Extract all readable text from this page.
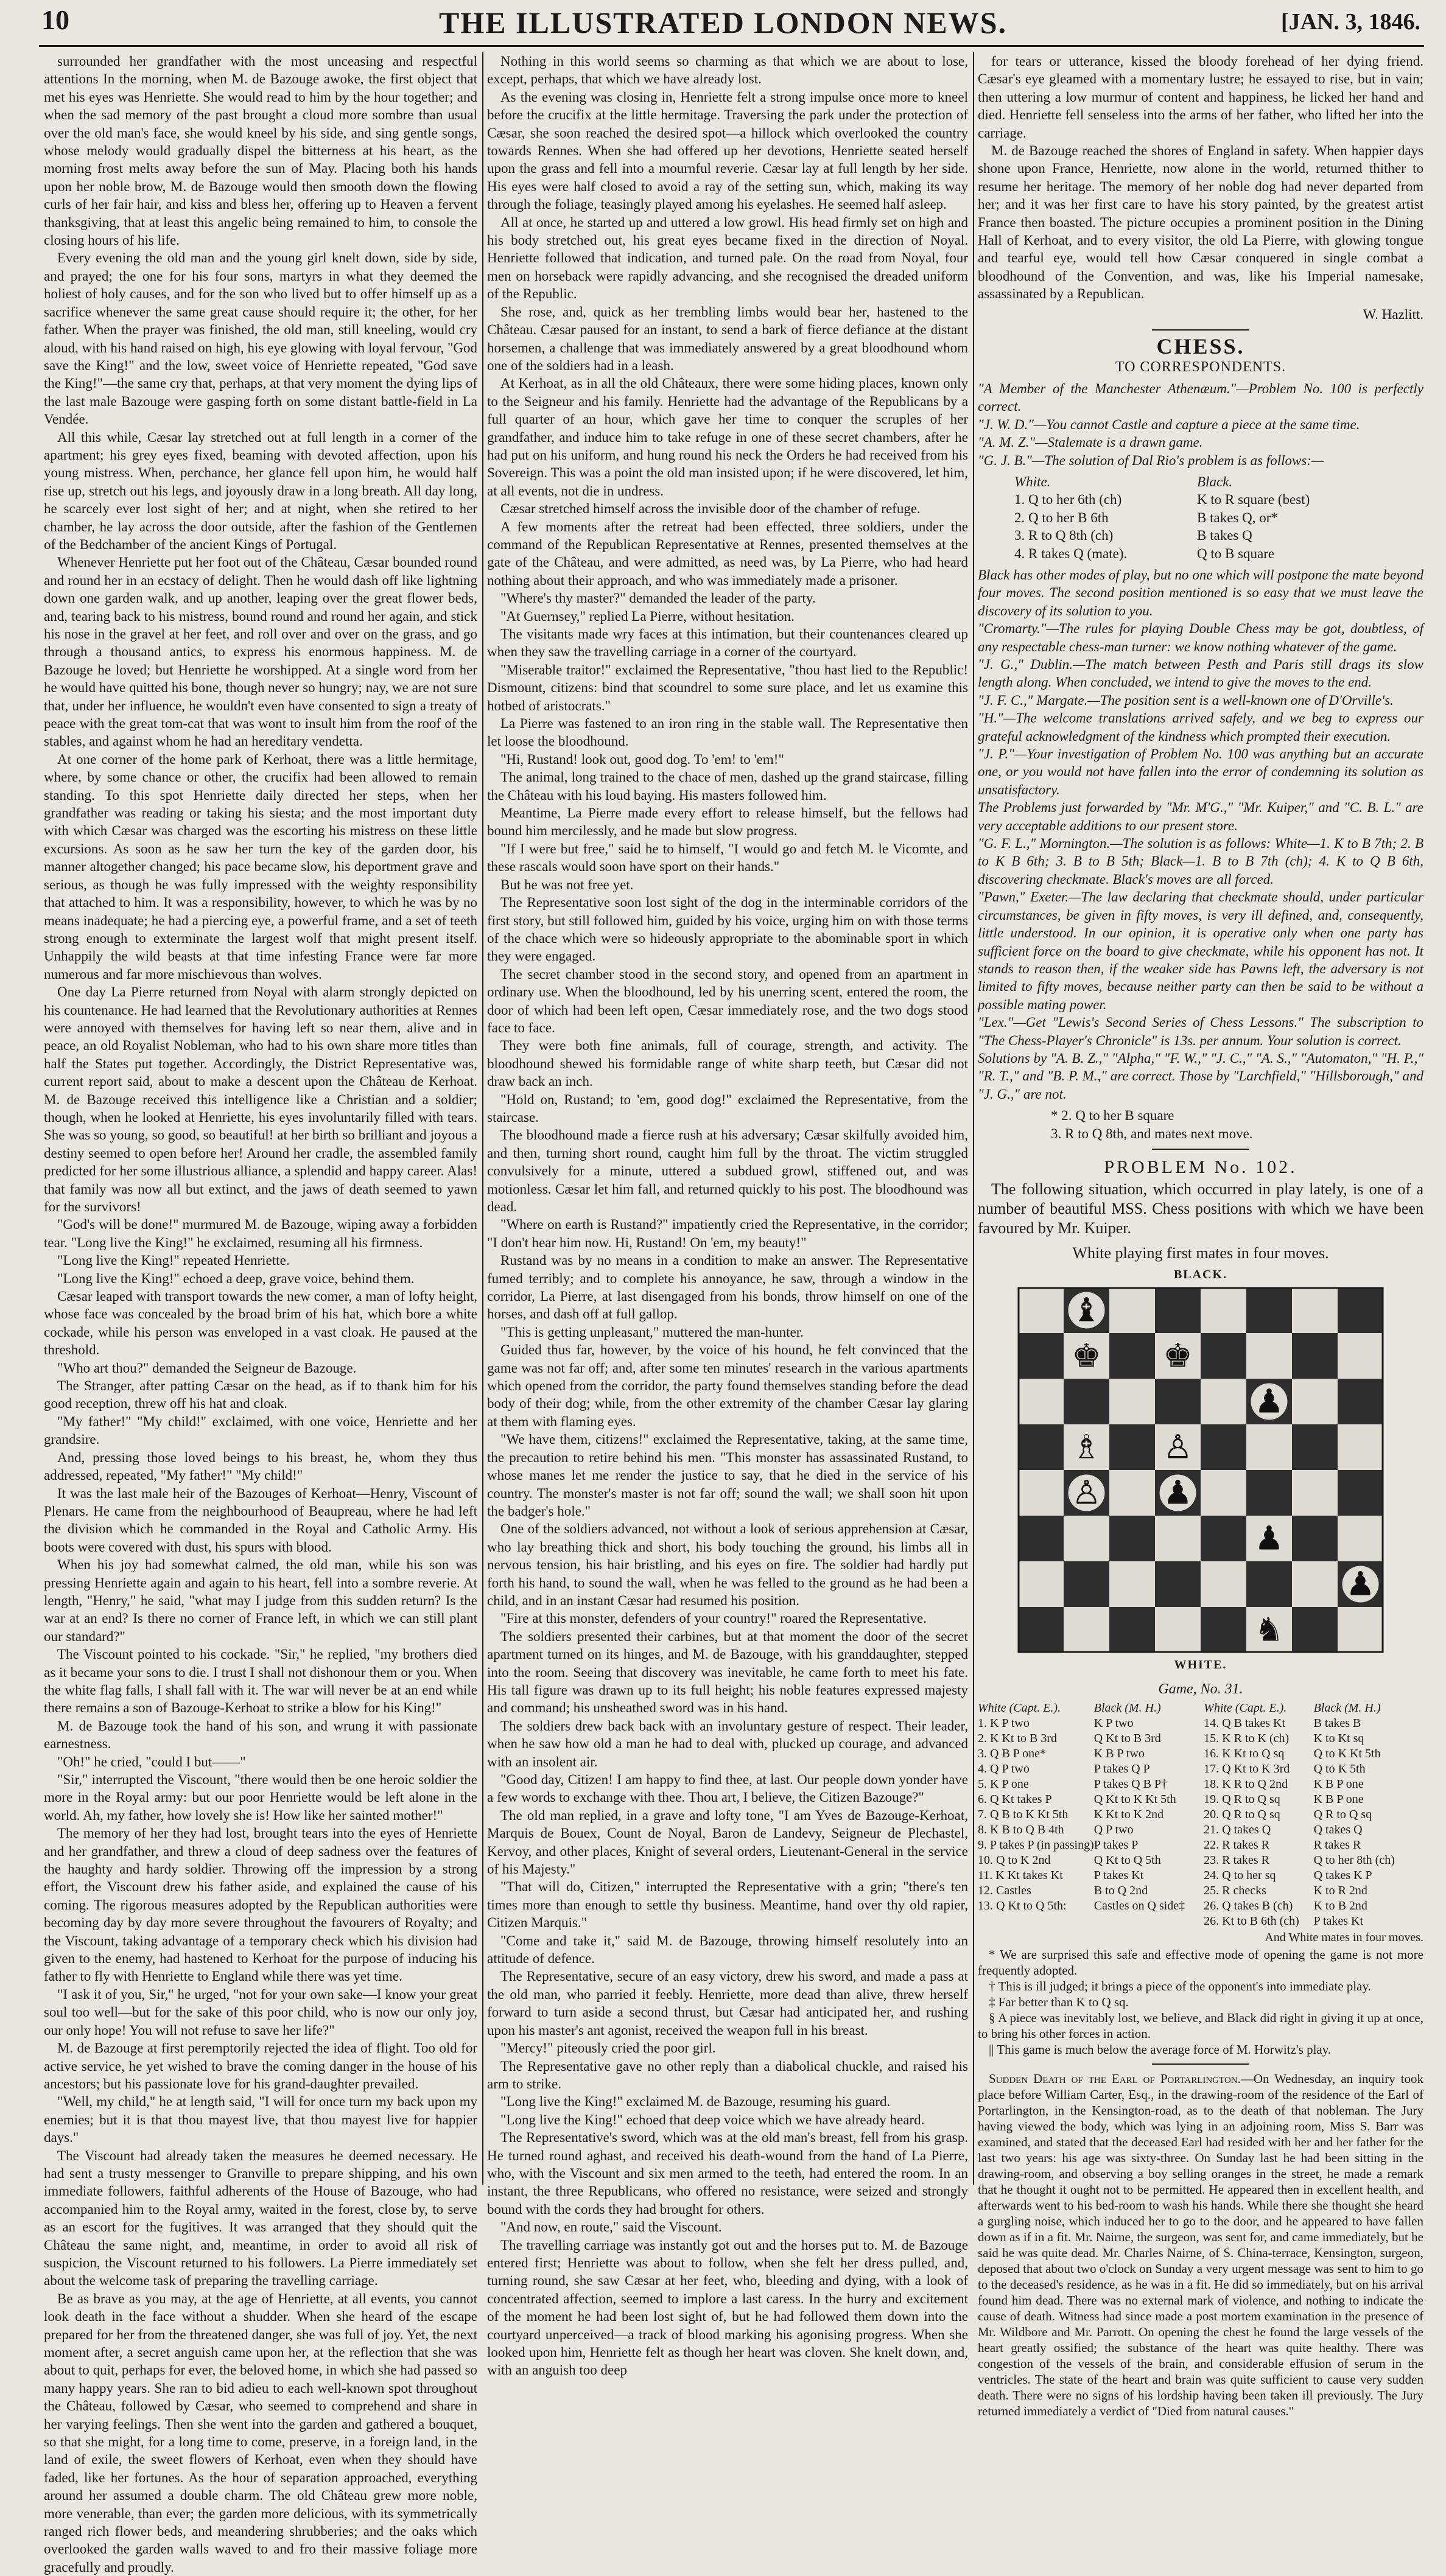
10	THE ILLUSTRATED LONDON NEWS.	[JAN. 3, 1846.

surrounded her grandfather with the most unceasing and respectful attentions In the morning, when M. de Bazouge awoke, the first object that met his eyes was Henriette. She would read to him by the hour together; and when the sad memory of the past brought a cloud more sombre than usual over the old man's face, she would kneel by his side, and sing gentle songs, whose melody would gradually dispel the bitterness at his heart, as the morning frost melts away before the sun of May. Placing both his hands upon her noble brow, M. de Bazouge would then smooth down the flowing curls of her fair hair, and kiss and bless her, offering up to Heaven a fervent thanksgiving, that at least this angelic being remained to him, to console the closing hours of his life.

Every evening the old man and the young girl knelt down, side by side, and prayed; the one for his four sons, martyrs in what they deemed the holiest of holy causes, and for the son who lived but to offer himself up as a sacrifice whenever the same great cause should require it; the other, for her father. When the prayer was finished, the old man, still kneeling, would cry aloud, with his hand raised on high, his eye glowing with loyal fervour, "God save the King!" and the low, sweet voice of Henriette repeated, "God save the King!"—the same cry that, perhaps, at that very moment the dying lips of the last male Bazouge were gasping forth on some distant battle-field in La Vendée.

All this while, Cæsar lay stretched out at full length in a corner of the apartment; his grey eyes fixed, beaming with devoted affection, upon his young mistress. When, perchance, her glance fell upon him, he would half rise up, stretch out his legs, and joyously draw in a long breath. All day long, he scarcely ever lost sight of her; and at night, when she retired to her chamber, he lay across the door outside, after the fashion of the Gentlemen of the Bedchamber of the ancient Kings of Portugal.

Whenever Henriette put her foot out of the Château, Cæsar bounded round and round her in an ecstacy of delight. Then he would dash off like lightning down one garden walk, and up another, leaping over the great flower beds, and, tearing back to his mistress, bound round and round her again, and stick his nose in the gravel at her feet, and roll over and over on the grass, and go through a thousand antics, to express his enormous happiness. M. de Bazouge he loved; but Henriette he worshipped. At a single word from her he would have quitted his bone, though never so hungry; nay, we are not sure that, under her influence, he wouldn't even have consented to sign a treaty of peace with the great tom-cat that was wont to insult him from the roof of the stables, and against whom he had an hereditary vendetta.

At one corner of the home park of Kerhoat, there was a little hermitage, where, by some chance or other, the crucifix had been allowed to remain standing. To this spot Henriette daily directed her steps, when her grandfather was reading or taking his siesta; and the most important duty with which Cæsar was charged was the escorting his mistress on these little excursions. As soon as he saw her turn the key of the garden door, his manner altogether changed; his pace became slow, his deportment grave and serious, as though he was fully impressed with the weighty responsibility that attached to him. It was a responsibility, however, to which he was by no means inadequate; he had a piercing eye, a powerful frame, and a set of teeth strong enough to exterminate the largest wolf that might present itself. Unhappily the wild beasts at that time infesting France were far more numerous and far more mischievous than wolves.

One day La Pierre returned from Noyal with alarm strongly depicted on his countenance. He had learned that the Revolutionary authorities at Rennes were annoyed with themselves for having left so near them, alive and in peace, an old Royalist Nobleman, who had to his own share more titles than half the States put together. Accordingly, the District Representative was, current report said, about to make a descent upon the Château de Kerhoat. M. de Bazouge received this intelligence like a Christian and a soldier; though, when he looked at Henriette, his eyes involuntarily filled with tears. She was so young, so good, so beautiful! at her birth so brilliant and joyous a destiny seemed to open before her! Around her cradle, the assembled family predicted for her some illustrious alliance, a splendid and happy career. Alas! that family was now all but extinct, and the jaws of death seemed to yawn for the survivors!

"God's will be done!" murmured M. de Bazouge, wiping away a forbidden tear. "Long live the King!" he exclaimed, resuming all his firmness.

"Long live the King!" repeated Henriette.

"Long live the King!" echoed a deep, grave voice, behind them.

Cæsar leaped with transport towards the new comer, a man of lofty height, whose face was concealed by the broad brim of his hat, which bore a white cockade, while his person was enveloped in a vast cloak. He paused at the threshold.

"Who art thou?" demanded the Seigneur de Bazouge.

The Stranger, after patting Cæsar on the head, as if to thank him for his good reception, threw off his hat and cloak.

"My father!" "My child!" exclaimed, with one voice, Henriette and her grandsire.

And, pressing those loved beings to his breast, he, whom they thus addressed, repeated, "My father!" "My child!"

It was the last male heir of the Bazouges of Kerhoat—Henry, Viscount of Plenars. He came from the neighbourhood of Beaupreau, where he had left the division which he commanded in the Royal and Catholic Army. His boots were covered with dust, his spurs with blood.

When his joy had somewhat calmed, the old man, while his son was pressing Henriette again and again to his heart, fell into a sombre reverie. At length, "Henry," he said, "what may I judge from this sudden return? Is the war at an end? Is there no corner of France left, in which we can still plant our standard?"

The Viscount pointed to his cockade. "Sir," he replied, "my brothers died as it became your sons to die. I trust I shall not dishonour them or you. When the white flag falls, I shall fall with it. The war will never be at an end while there remains a son of Bazouge-Kerhoat to strike a blow for his King!"

M. de Bazouge took the hand of his son, and wrung it with passionate earnestness.

"Oh!" he cried, "could I but——"

"Sir," interrupted the Viscount, "there would then be one heroic soldier the more in the Royal army: but our poor Henriette would be left alone in the world. Ah, my father, how lovely she is! How like her sainted mother!"

The memory of her they had lost, brought tears into the eyes of Henriette and her grandfather, and threw a cloud of deep sadness over the features of the haughty and hardy soldier. Throwing off the impression by a strong effort, the Viscount drew his father aside, and explained the cause of his coming. The rigorous measures adopted by the Republican authorities were becoming day by day more severe throughout the favourers of Royalty; and the Viscount, taking advantage of a temporary check which his division had given to the enemy, had hastened to Kerhoat for the purpose of inducing his father to fly with Henriette to England while there was yet time.

"I ask it of you, Sir," he urged, "not for your own sake—I know your great soul too well—but for the sake of this poor child, who is now our only joy, our only hope! You will not refuse to save her life?"

M. de Bazouge at first peremptorily rejected the idea of flight. Too old for active service, he yet wished to brave the coming danger in the house of his ancestors; but his passionate love for his grand-daughter prevailed.

"Well, my child," he at length said, "I will for once turn my back upon my enemies; but it is that thou mayest live, that thou mayest live for happier days."

The Viscount had already taken the measures he deemed necessary. He had sent a trusty messenger to Granville to prepare shipping, and his own immediate followers, faithful adherents of the House of Bazouge, who had accompanied him to the Royal army, waited in the forest, close by, to serve as an escort for the fugitives. It was arranged that they should quit the Château the same night, and, meantime, in order to avoid all risk of suspicion, the Viscount returned to his followers. La Pierre immediately set about the welcome task of preparing the travelling carriage.

Be as brave as you may, at the age of Henriette, at all events, you cannot look death in the face without a shudder. When she heard of the escape prepared for her from the threatened danger, she was full of joy. Yet, the next moment after, a secret anguish came upon her, at the reflection that she was about to quit, perhaps for ever, the beloved home, in which she had passed so many happy years. She ran to bid adieu to each well-known spot throughout the Château, followed by Cæsar, who seemed to comprehend and share in her varying feelings. Then she went into the garden and gathered a bouquet, so that she might, for a long time to come, preserve, in a foreign land, in the land of exile, the sweet flowers of Kerhoat, even when they should have faded, like her fortunes. As the hour of separation approached, everything around her assumed a double charm. The old Château grew more noble, more venerable, than ever; the garden more delicious, with its symmetrically ranged rich flower beds, and meandering shrubberies; and the oaks which overlooked the garden walls waved to and fro their massive foliage more gracefully and proudly.

Nothing in this world seems so charming as that which we are about to lose, except, perhaps, that which we have already lost.

As the evening was closing in, Henriette felt a strong impulse once more to kneel before the crucifix at the little hermitage. Traversing the park under the protection of Cæsar, she soon reached the desired spot—a hillock which overlooked the country towards Rennes. When she had offered up her devotions, Henriette seated herself upon the grass and fell into a mournful reverie. Cæsar lay at full length by her side. His eyes were half closed to avoid a ray of the setting sun, which, making its way through the foliage, teasingly played among his eyelashes. He seemed half asleep.

All at once, he started up and uttered a low growl. His head firmly set on high and his body stretched out, his great eyes became fixed in the direction of Noyal. Henriette followed that indication, and turned pale. On the road from Noyal, four men on horseback were rapidly advancing, and she recognised the dreaded uniform of the Republic.

She rose, and, quick as her trembling limbs would bear her, hastened to the Château. Cæsar paused for an instant, to send a bark of fierce defiance at the distant horsemen, a challenge that was immediately answered by a great bloodhound whom one of the soldiers had in a leash.

At Kerhoat, as in all the old Châteaux, there were some hiding places, known only to the Seigneur and his family. Henriette had the advantage of the Republicans by a full quarter of an hour, which gave her time to conquer the scruples of her grandfather, and induce him to take refuge in one of these secret chambers, after he had put on his uniform, and hung round his neck the Orders he had received from his Sovereign. This was a point the old man insisted upon; if he were discovered, let him, at all events, not die in undress.

Cæsar stretched himself across the invisible door of the chamber of refuge.

A few moments after the retreat had been effected, three soldiers, under the command of the Republican Representative at Rennes, presented themselves at the gate of the Château, and were admitted, as need was, by La Pierre, who had heard nothing about their approach, and who was immediately made a prisoner.

"Where's thy master?" demanded the leader of the party.

"At Guernsey," replied La Pierre, without hesitation.

The visitants made wry faces at this intimation, but their countenances cleared up when they saw the travelling carriage in a corner of the courtyard.

"Miserable traitor!" exclaimed the Representative, "thou hast lied to the Republic! Dismount, citizens: bind that scoundrel to some sure place, and let us examine this hotbed of aristocrats."

La Pierre was fastened to an iron ring in the stable wall. The Representative then let loose the bloodhound.

"Hi, Rustand! look out, good dog. To 'em! to 'em!"

The animal, long trained to the chace of men, dashed up the grand staircase, filling the Château with his loud baying. His masters followed him.

Meantime, La Pierre made every effort to release himself, but the fellows had bound him mercilessly, and he made but slow progress.

"If I were but free," said he to himself, "I would go and fetch M. le Vicomte, and these rascals would soon have sport on their hands."

But he was not free yet.

The Representative soon lost sight of the dog in the interminable corridors of the first story, but still followed him, guided by his voice, urging him on with those terms of the chace which were so hideously appropriate to the abominable sport in which they were engaged.

The secret chamber stood in the second story, and opened from an apartment in ordinary use. When the bloodhound, led by his unerring scent, entered the room, the door of which had been left open, Cæsar immediately rose, and the two dogs stood face to face.

They were both fine animals, full of courage, strength, and activity. The bloodhound shewed his formidable range of white sharp teeth, but Cæsar did not draw back an inch.

"Hold on, Rustand; to 'em, good dog!" exclaimed the Representative, from the staircase.

The bloodhound made a fierce rush at his adversary; Cæsar skilfully avoided him, and then, turning short round, caught him full by the throat. The victim struggled convulsively for a minute, uttered a subdued growl, stiffened out, and was motionless. Cæsar let him fall, and returned quickly to his post. The bloodhound was dead.

"Where on earth is Rustand?" impatiently cried the Representative, in the corridor; "I don't hear him now. Hi, Rustand! On 'em, my beauty!"

Rustand was by no means in a condition to make an answer. The Representative fumed terribly; and to complete his annoyance, he saw, through a window in the corridor, La Pierre, at last disengaged from his bonds, throw himself on one of the horses, and dash off at full gallop.

"This is getting unpleasant," muttered the man-hunter.

Guided thus far, however, by the voice of his hound, he felt convinced that the game was not far off; and, after some ten minutes' research in the various apartments which opened from the corridor, the party found themselves standing before the dead body of their dog; while, from the other extremity of the chamber Cæsar lay glaring at them with flaming eyes.

"We have them, citizens!" exclaimed the Representative, taking, at the same time, the precaution to retire behind his men. "This monster has assassinated Rustand, to whose manes let me render the justice to say, that he died in the service of his country. The monster's master is not far off; sound the wall; we shall soon hit upon the badger's hole."

One of the soldiers advanced, not without a look of serious apprehension at Cæsar, who lay breathing thick and short, his body touching the ground, his limbs all in nervous tension, his hair bristling, and his eyes on fire. The soldier had hardly put forth his hand, to sound the wall, when he was felled to the ground as he had been a child, and in an instant Cæsar had resumed his position.

"Fire at this monster, defenders of your country!" roared the Representative.

The soldiers presented their carbines, but at that moment the door of the secret apartment turned on its hinges, and M. de Bazouge, with his granddaughter, stepped into the room. Seeing that discovery was inevitable, he came forth to meet his fate. His tall figure was drawn up to its full height; his noble features expressed majesty and command; his unsheathed sword was in his hand.

The soldiers drew back back with an involuntary gesture of respect. Their leader, when he saw how old a man he had to deal with, plucked up courage, and advanced with an insolent air.

"Good day, Citizen! I am happy to find thee, at last. Our people down yonder have a few words to exchange with thee. Thou art, I believe, the Citizen Bazouge?"

The old man replied, in a grave and lofty tone, "I am Yves de Bazouge-Kerhoat, Marquis de Bouex, Count de Noyal, Baron de Landevy, Seigneur de Plechastel, Kervoy, and other places, Knight of several orders, Lieutenant-General in the service of his Majesty."

"That will do, Citizen," interrupted the Representative with a grin; "there's ten times more than enough to settle thy business. Meantime, hand over thy old rapier, Citizen Marquis."

"Come and take it," said M. de Bazouge, throwing himself resolutely into an attitude of defence.

The Representative, secure of an easy victory, drew his sword, and made a pass at the old man, who parried it feebly. Henriette, more dead than alive, threw herself forward to turn aside a second thrust, but Cæsar had anticipated her, and rushing upon his master's ant agonist, received the weapon full in his breast.

"Mercy!" piteously cried the poor girl.

The Representative gave no other reply than a diabolical chuckle, and raised his arm to strike.

"Long live the King!" exclaimed M. de Bazouge, resuming his guard.

"Long live the King!" echoed that deep voice which we have already heard.

The Representative's sword, which was at the old man's breast, fell from his grasp. He turned round aghast, and received his death-wound from the hand of La Pierre, who, with the Viscount and six men armed to the teeth, had entered the room. In an instant, the three Republicans, who offered no resistance, were seized and strongly bound with the cords they had brought for others.

"And now, en route," said the Viscount.

The travelling carriage was instantly got out and the horses put to. M. de Bazouge entered first; Henriette was about to follow, when she felt her dress pulled, and, turning round, she saw Cæsar at her feet, who, bleeding and dying, with a look of concentrated affection, seemed to implore a last caress. In the hurry and excitement of the moment he had been lost sight of, but he had followed them down into the courtyard unperceived—a track of blood marking his agonising progress. When she looked upon him, Henriette felt as though her heart was cloven. She knelt down, and, with an anguish too deep

for tears or utterance, kissed the bloody forehead of her dying friend. Cæsar's eye gleamed with a momentary lustre; he essayed to rise, but in vain; then uttering a low murmur of content and happiness, he licked her hand and died. Henriette fell senseless into the arms of her father, who lifted her into the carriage.

M. de Bazouge reached the shores of England in safety. When happier days shone upon France, Henriette, now alone in the world, returned thither to resume her heritage. The memory of her noble dog had never departed from her; and it was her first care to have his story painted, by the greatest artist France then boasted. The picture occupies a prominent position in the Dining Hall of Kerhoat, and to every visitor, the old La Pierre, with glowing tongue and tearful eye, would tell how Cæsar conquered in single combat a bloodhound of the Convention, and was, like his Imperial namesake, assassinated by a Republican.

W. Hazlitt.
CHESS.
TO CORRESPONDENTS.

"A Member of the Manchester Athenæum."—Problem No. 100 is perfectly correct.

"J. W. D."—You cannot Castle and capture a piece at the same time.

"A. M. Z."—Stalemate is a drawn game.

"G. J. B."—The solution of Dal Rio's problem is as follows:—

White.	Black.
1. Q to her 6th (ch)	K to R square (best)
2. Q to her B 6th	B takes Q, or*
3. R to Q 8th (ch)	B takes Q
4. R takes Q (mate).	Q to B square

Black has other modes of play, but no one which will postpone the mate beyond four moves. The second position mentioned is so easy that we must leave the discovery of its solution to you.

"Cromarty."—The rules for playing Double Chess may be got, doubtless, of any respectable chess-man turner: we know nothing whatever of the game.

"J. G.," Dublin.—The match between Pesth and Paris still drags its slow length along. When concluded, we intend to give the moves to the end.

"J. F. C.," Margate.—The position sent is a well-known one of D'Orville's.

"H."—The welcome translations arrived safely, and we beg to express our grateful acknowledgment of the kindness which prompted their execution.

"J. P."—Your investigation of Problem No. 100 was anything but an accurate one, or you would not have fallen into the error of condemning its solution as unsatisfactory.

The Problems just forwarded by "Mr. M'G.," "Mr. Kuiper," and "C. B. L." are very acceptable additions to our present store.

"G. F. L.," Mornington.—The solution is as follows: White—1. K to B 7th; 2. B to K B 6th; 3. B to B 5th; Black—1. B to B 7th (ch); 4. K to Q B 6th, discovering checkmate. Black's moves are all forced.

"Pawn," Exeter.—The law declaring that checkmate should, under particular circumstances, be given in fifty moves, is very ill defined, and, consequently, little understood. In our opinion, it is operative only when one party has sufficient force on the board to give checkmate, while his opponent has not. It stands to reason then, if the weaker side has Pawns left, the adversary is not limited to fifty moves, because neither party can then be said to be without a possible mating power.

"Lex."—Get "Lewis's Second Series of Chess Lessons." The subscription to "The Chess-Player's Chronicle" is 13s. per annum. Your solution is correct.

Solutions by "A. B. Z.," "Alpha," "F. W.," "J. C.," "A. S.," "Automaton," "H. P.," "R. T.," and "B. P. M.," are correct. Those by "Larchfield," "Hillsborough," and "J. G.," are not.

* 2. Q to her B square
3. R to Q 8th, and mates next move.
PROBLEM No. 102.

The following situation, which occurred in play lately, is one of a number of beautiful MSS. Chess positions with which we have been favoured by Mr. Kuiper.

White playing first mates in four moves.
BLACK.
♝
♚ ♚
♟
♗ ♙
♙ ♟
♟
♟
♞
WHITE.
Game, No. 31.
White (Capt. E.).
1. K P two
2. K Kt to B 3rd
3. Q B P one*
4. Q P two
5. K P one
6. Q Kt takes P
7. Q B to K Kt 5th
8. K B to Q B 4th
9. P takes P (in passing)
10. Q to K 2nd
11. K Kt takes Kt
12. Castles
13. Q Kt to Q 5th:
Black (M. H.)
K P two
Q Kt to B 3rd
K B P two
P takes Q P
P takes Q B P†
Q Kt to K Kt 5th
K Kt to K 2nd
Q P two
P takes P
Q Kt to Q 5th
P takes Kt
B to Q 2nd
Castles on Q side‡
White (Capt. E.).
14. Q B takes Kt
15. K R to K (ch)
16. K Kt to Q sq
17. Q Kt to K 3rd
18. K R to Q 2nd
19. Q R to Q sq
20. Q R to Q sq
21. Q takes Q
22. R takes R
23. R takes R
24. Q to her sq
25. R checks
26. Q takes B (ch)
26. Kt to B 6th (ch)
Black (M. H.)
B takes B
K to Kt sq
Q to K Kt 5th
Q to K 5th
K B P one
K B P one
Q R to Q sq
Q takes Q
R takes R
Q to her 8th (ch)
Q takes K P
K to R 2nd
K to B 2nd
P takes Kt
And White mates in four moves.

* We are surprised this safe and effective mode of opening the game is not more frequently adopted.

† This is ill judged; it brings a piece of the opponent's into immediate play.

‡ Far better than K to Q sq.

§ A piece was inevitably lost, we believe, and Black did right in giving it up at once, to bring his other forces in action.

|| This game is much below the average force of M. Horwitz's play.

Sudden Death of the Earl of Portarlington.—On Wednesday, an inquiry took place before William Carter, Esq., in the drawing-room of the residence of the Earl of Portarlington, in the Kensington-road, as to the death of that nobleman. The Jury having viewed the body, which was lying in an adjoining room, Miss S. Barr was examined, and stated that the deceased Earl had resided with her and her father for the last two years: his age was sixty-three. On Sunday last he had been sitting in the drawing-room, and observing a boy selling oranges in the street, he made a remark that he thought it ought not to be permitted. He appeared then in excellent health, and afterwards went to his bed-room to wash his hands. While there she thought she heard a gurgling noise, which induced her to go to the door, and he appeared to have fallen down as if in a fit. Mr. Nairne, the surgeon, was sent for, and came immediately, but he said he was quite dead. Mr. Charles Nairne, of S. China-terrace, Kensington, surgeon, deposed that about two o'clock on Sunday a very urgent message was sent to him to go to the deceased's residence, as he was in a fit. He did so immediately, but on his arrival found him dead. There was no external mark of violence, and nothing to indicate the cause of death. Witness had since made a post mortem examination in the presence of Mr. Wildbore and Mr. Parrott. On opening the chest he found the large vessels of the heart greatly ossified; the substance of the heart was quite healthy. There was congestion of the vessels of the brain, and considerable effusion of serum in the ventricles. The state of the heart and brain was quite sufficient to cause very sudden death. There were no signs of his lordship having been taken ill previously. The Jury returned immediately a verdict of "Died from natural causes."
